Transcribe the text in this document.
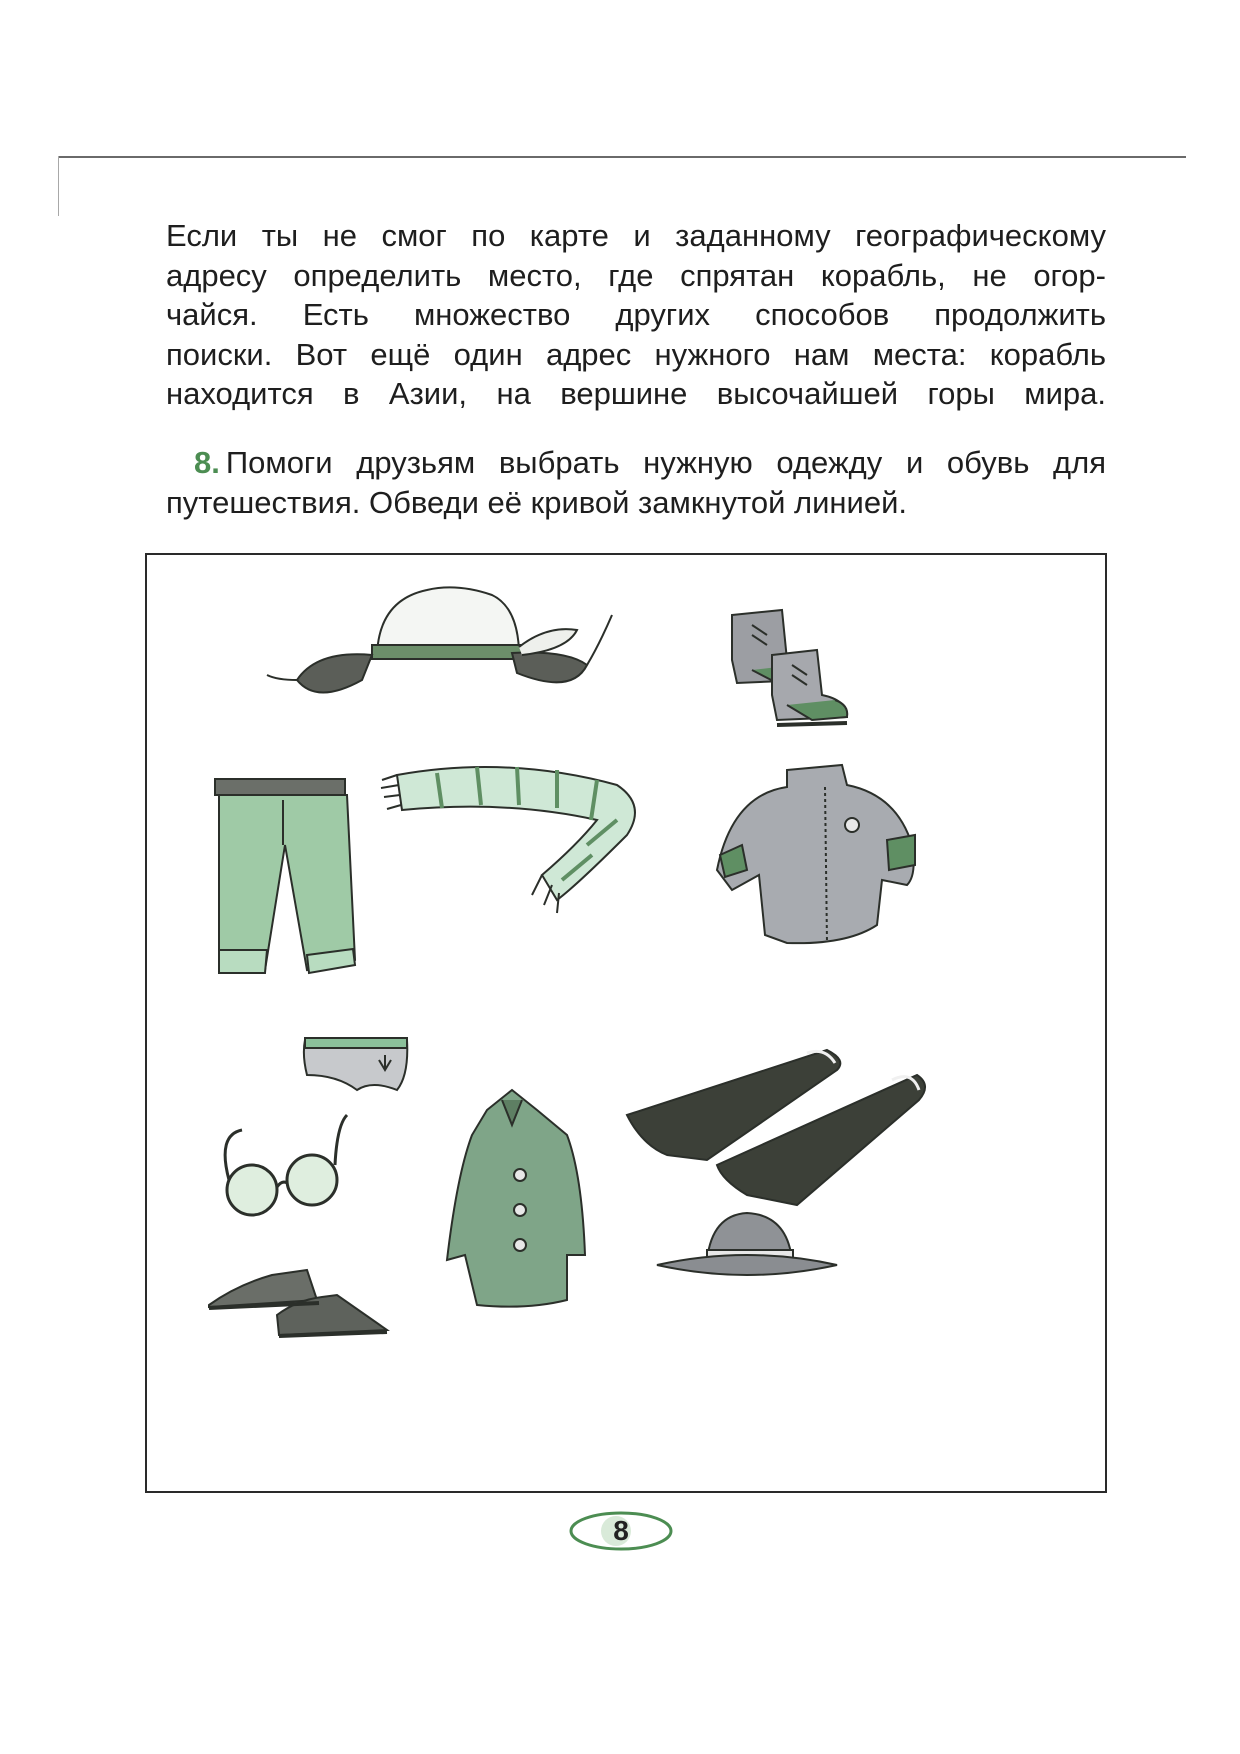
Если ты не смог по карте и заданному географическому
адресу определить место, где спрятан корабль, не огор-
чайся. Есть множество других способов продолжить
поиски. Вот ещё один адрес нужного нам места: корабль
находится в Азии, на вершине высочайшей горы мира.

8. Помоги друзьям выбрать нужную одежду и обувь для
путешествия. Обведи её кривой замкнутой линией.

8
